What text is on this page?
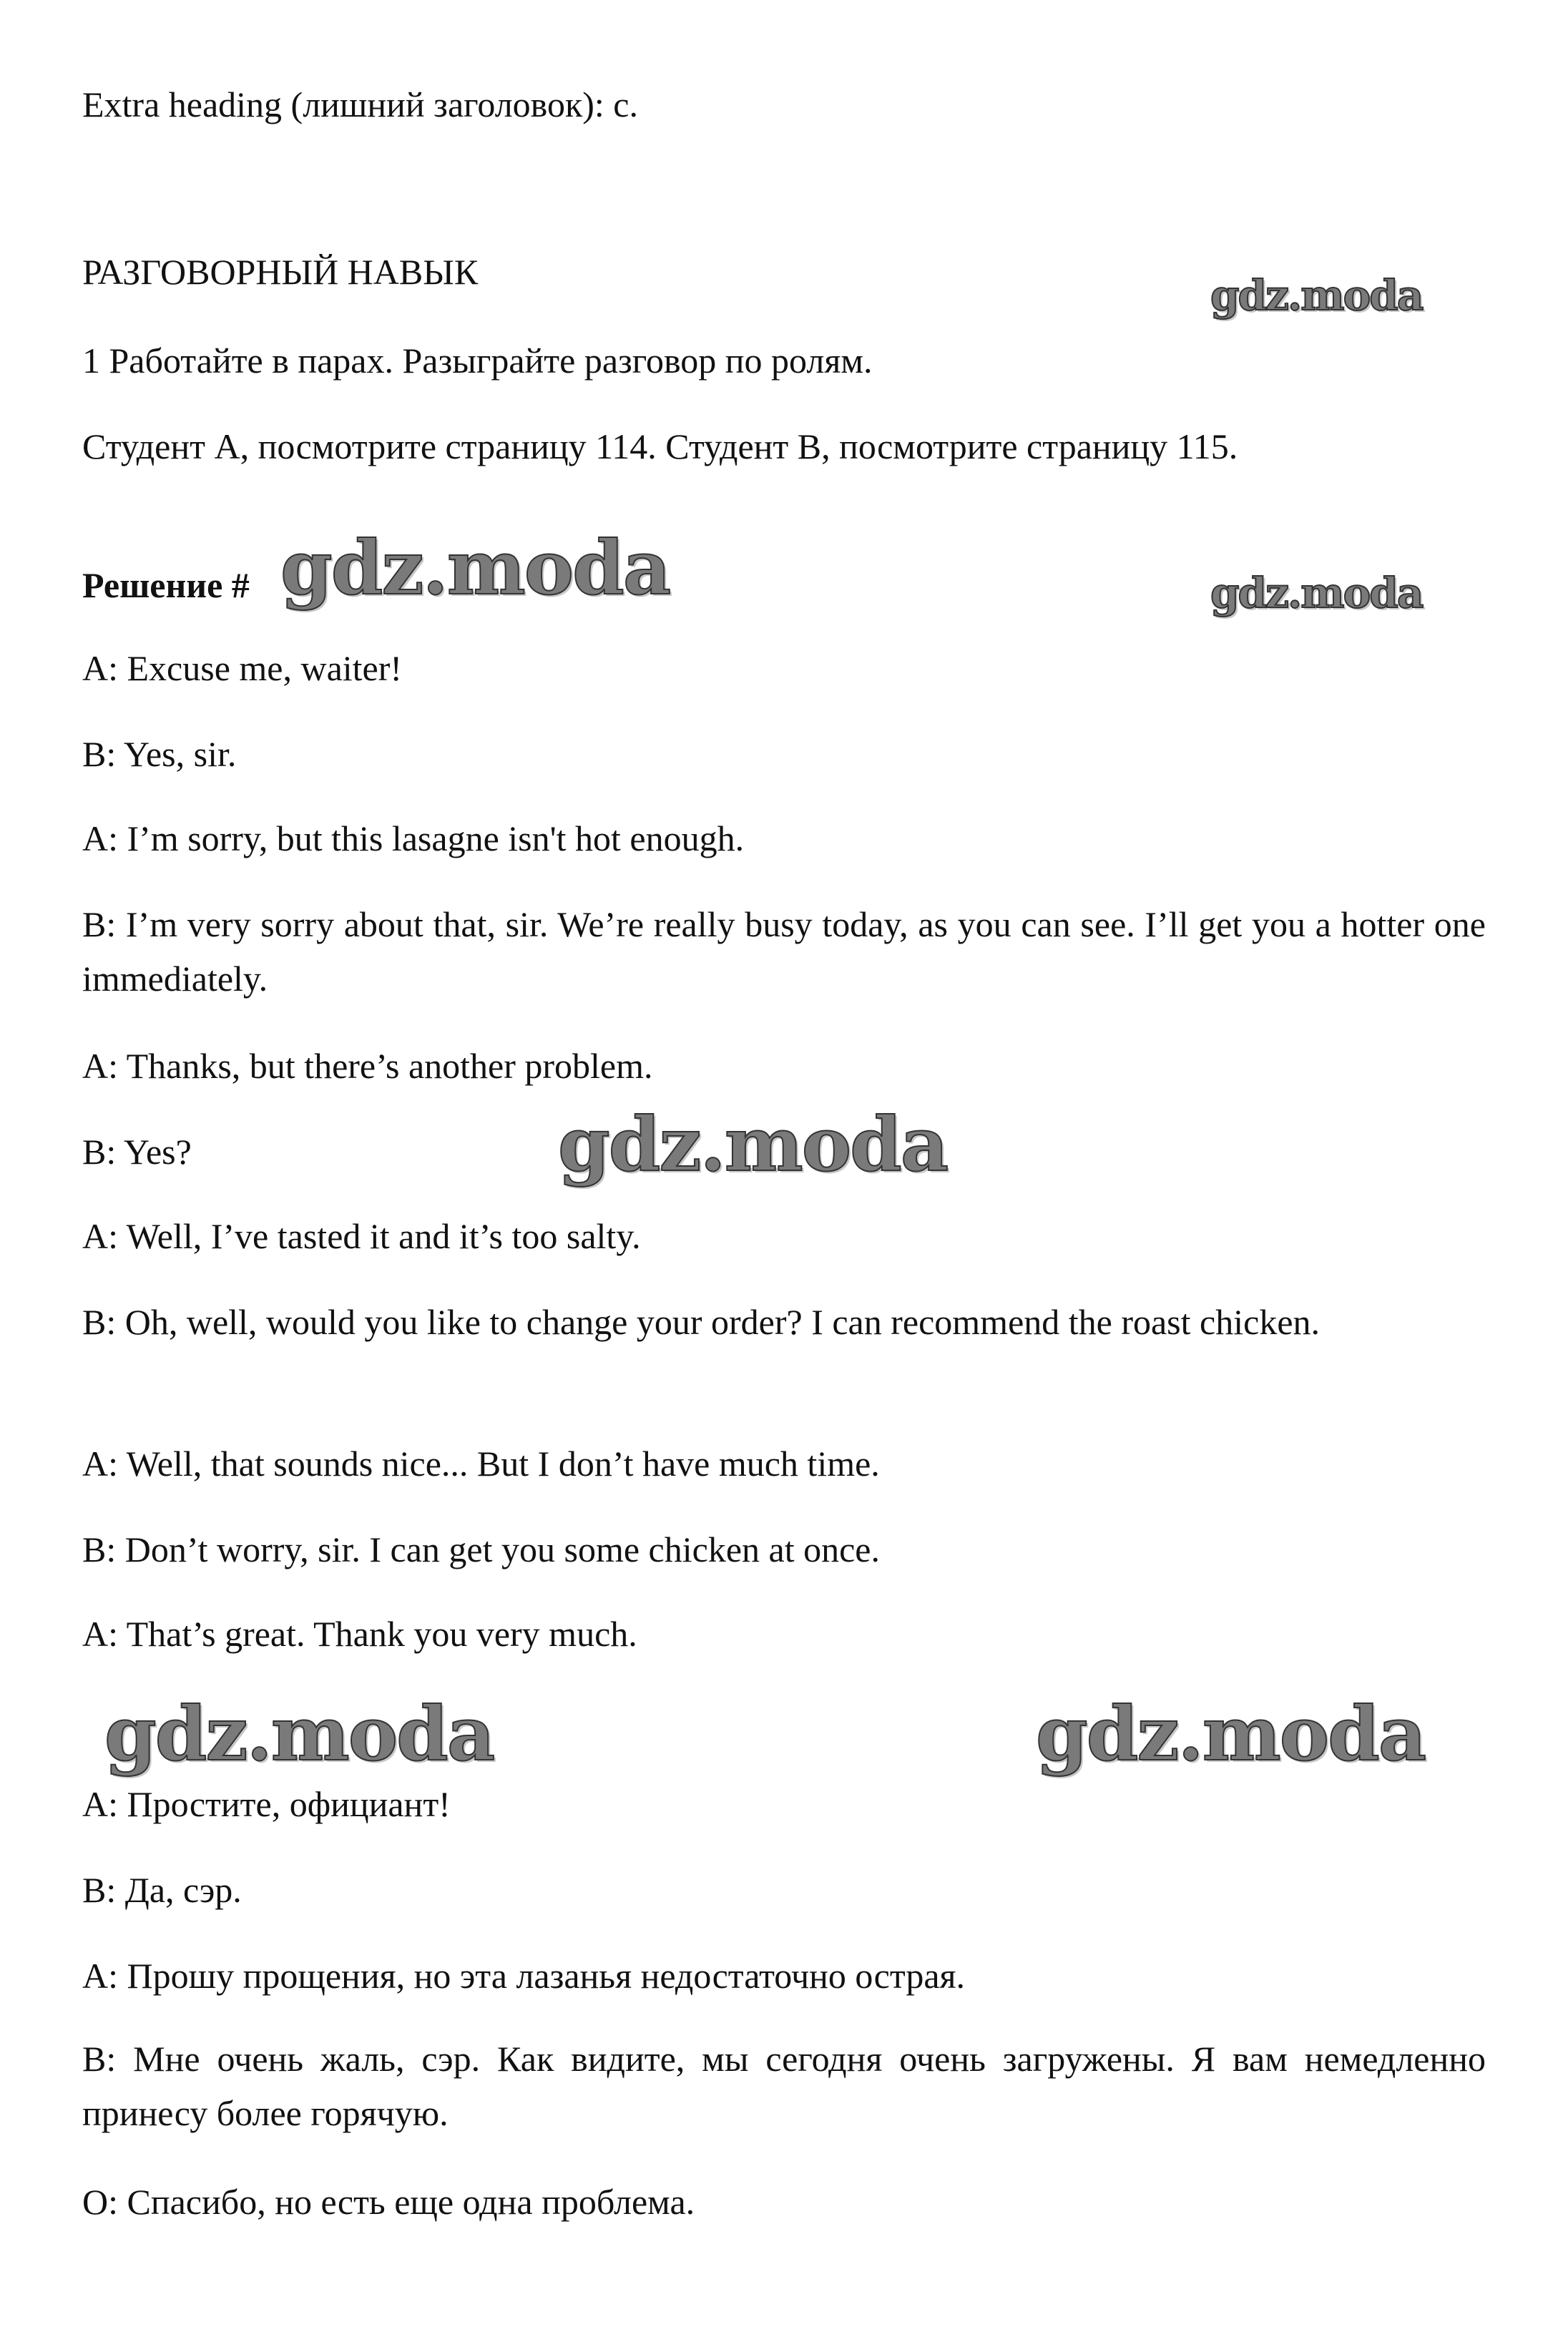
Extra heading (лишний заголовок): с.

РАЗГОВОРНЫЙ НАВЫК	gdz.moda

1 Работайте в парах. Разыграйте разговор по ролям.

Студент А, посмотрите страницу 114. Студент В, посмотрите страницу 115.

Решение # gdz.moda	gdz.moda

A: Excuse me, waiter!

B: Yes, sir.

A: I’m sorry, but this lasagne isn't hot enough.

B: I’m very sorry about that, sir. We’re really busy today, as you can see. I’ll get you a hotter one immediately.

A: Thanks, but there’s another problem.

B: Yes?	gdz.moda

A: Well, I’ve tasted it and it’s too salty.

B: Oh, well, would you like to change your order? I can recommend the roast chicken.

A: Well, that sounds nice... But I don’t have much time.

B: Don’t worry, sir. I can get you some chicken at once.

A: That’s great. Thank you very much.

gdz.moda	gdz.moda

А: Простите, официант!

В: Да, сэр.

А: Прошу прощения, но эта лазанья недостаточно острая.

В: Мне очень жаль, сэр. Как видите, мы сегодня очень загружены. Я вам немедленно принесу более горячую.

О: Спасибо, но есть еще одна проблема.
